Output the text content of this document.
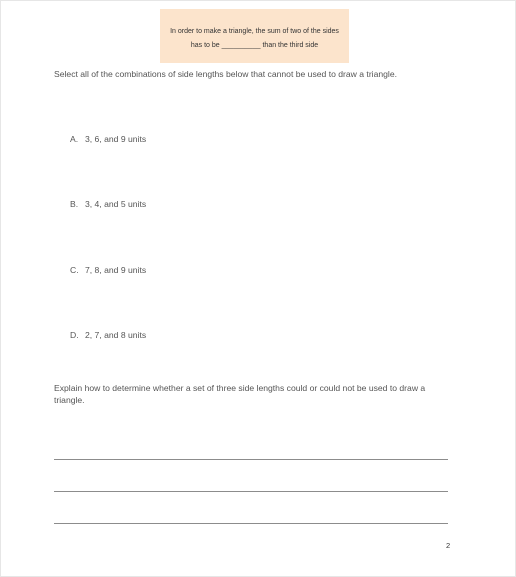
In order to make a triangle, the sum of two of the sides
has to be __________ than the third side
Select all of the combinations of side lengths below that cannot be used to draw a triangle.
A. 3, 6, and 9 units
B. 3, 4, and 5 units
C. 7, 8, and 9 units
D. 2, 7, and 8 units
Explain how to determine whether a set of three side lengths could or could not be used to draw a triangle.
2
